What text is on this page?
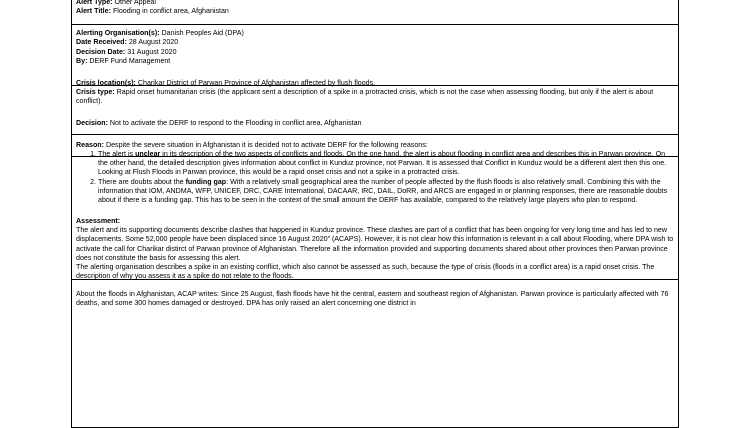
Alert Type: Other Appeal

Alert Title: Flooding in conflict area, Afghanistan

Alerting Organisation(s): Danish Peoples Aid (DPA)

Date Received: 28 August 2020

Decision Date: 31 August 2020

By: DERF Fund Management

Crisis location(s): Charikar District of Parwan Province of Afghanistan affected by flush floods.

Crisis type: Rapid onset humanitarian crisis (the applicant sent a description of a spike in a protracted crisis, which is not the case when assessing flooding, but only if the alert is about conflict).

Decision: Not to activate the DERF to respond to the Flooding in conflict area, Afghanistan

Reason: Despite the severe situation in Afghanistan it is decided not to activate DERF for the following reasons:

1. The alert is unclear in its description of the two aspects of conflicts and floods. On the one hand, the alert is about flooding in conflict area and describes this in Parwan province. On the other hand, the detailed description gives information about conflict in Kunduz province, not Parwan. It is assessed that Conflict in Kunduz would be a different alert then this one. Looking at Flush Floods in Parwan province, this would be a rapid onset crisis and not a spike in a protracted crisis.
2. There are doubts about the funding gap: With a relatively small geographical area the number of people affected by the flush floods is also relatively small. Combining this with the information that IOM, ANDMA, WFP, UNICEF, DRC, CARE International, DACAAR, IRC, DAIL, DoRR, and ARCS are engaged in or planning responses, there are reasonable doubts about if there is a funding gap. This has to be seen in the context of the small amount the DERF has available, compared to the relatively large players who plan to respond.

Assessment:

The alert and its supporting documents describe clashes that happened in Kunduz province. These clashes are part of a conflict that has been ongoing for very long time and has led to new displacements. Some 52,000 people have been displaced since 16 August 2020” (ACAPS). However, it is not clear how this information is relevant in a call about Flooding, where DPA wish to activate the call for Charikar distirct of Parwan province of Afghanistan. Therefore all the information provided and supporting documents shared about other provinces then Parwan province does not constitute the basis for assessing this alert.

The alerting organisation describes a spike in an existing conflict, which also cannot be assessed as such, because the type of crisis (floods in a conflict area) is a rapid onset crisis. The description of why you assess it as a spike do not relate to the floods.

About the floods in Afghanistan, ACAP writes: Since 25 August, flash floods have hit the central, eastern and southeast region of Afghanistan. Parwan province is particularly affected with 76 deaths, and some 300 homes damaged or destroyed. DPA has only raised an alert concerning one district in
